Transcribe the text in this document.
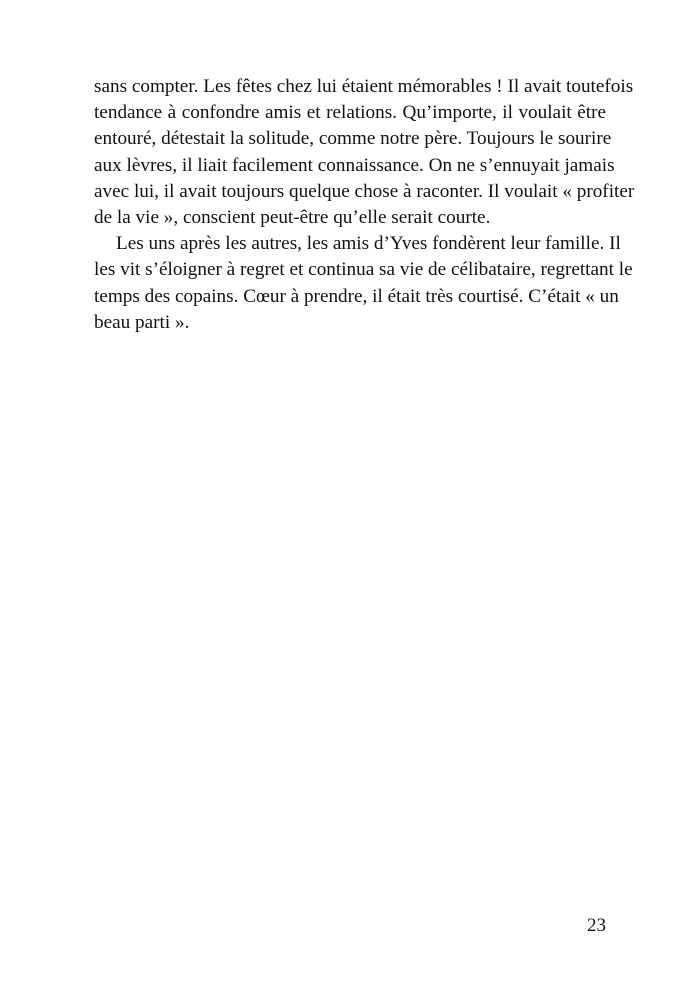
sans compter. Les fêtes chez lui étaient mémorables ! Il avait toutefois
tendance à confondre amis et relations. Qu’importe, il voulait être
entouré, détestait la solitude, comme notre père. Toujours le sourire
aux lèvres, il liait facilement connaissance. On ne s’ennuyait jamais
avec lui, il avait toujours quelque chose à raconter. Il voulait « profiter
de la vie », conscient peut-être qu’elle serait courte.
Les uns après les autres, les amis d’Yves fondèrent leur famille. Il
les vit s’éloigner à regret et continua sa vie de célibataire, regrettant le
temps des copains. Cœur à prendre, il était très courtisé. C’était « un
beau parti ».
23
